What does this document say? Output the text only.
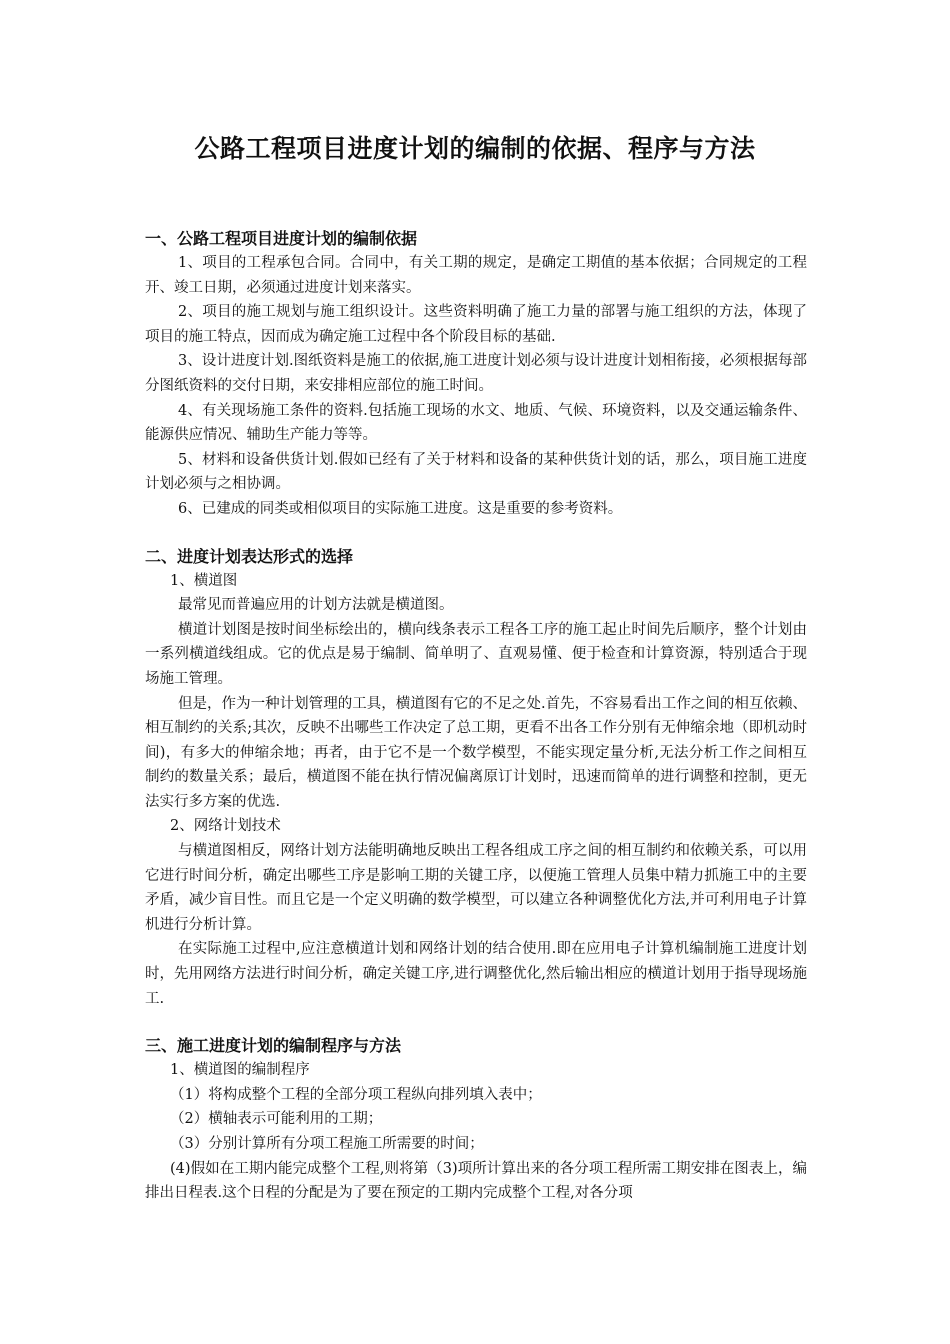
公路工程项目进度计划的编制的依据、程序与方法

一、公路工程项目进度计划的编制依据

1、项目的工程承包合同。合同中，有关工期的规定，是确定工期值的基本依据；合同规定的工程开、竣工日期，必须通过进度计划来落实。

2、项目的施工规划与施工组织设计。这些资料明确了施工力量的部署与施工组织的方法，体现了项目的施工特点，因而成为确定施工过程中各个阶段目标的基础.

3、设计进度计划.图纸资料是施工的依据,施工进度计划必须与设计进度计划相衔接，必须根据每部分图纸资料的交付日期，来安排相应部位的施工时间。

4、有关现场施工条件的资料.包括施工现场的水文、地质、气候、环境资料，以及交通运输条件、能源供应情况、辅助生产能力等等。

5、材料和设备供货计划.假如已经有了关于材料和设备的某种供货计划的话，那么，项目施工进度计划必须与之相协调。

6、已建成的同类或相似项目的实际施工进度。这是重要的参考资料。

二、进度计划表达形式的选择

1、横道图

最常见而普遍应用的计划方法就是横道图。

横道计划图是按时间坐标绘出的，横向线条表示工程各工序的施工起止时间先后顺序，整个计划由一系列横道线组成。它的优点是易于编制、简单明了、直观易懂、便于检查和计算资源，特别适合于现场施工管理。

但是，作为一种计划管理的工具，横道图有它的不足之处.首先，不容易看出工作之间的相互依赖、相互制约的关系;其次，反映不出哪些工作决定了总工期，更看不出各工作分别有无伸缩余地（即机动时间)，有多大的伸缩余地；再者，由于它不是一个数学模型，不能实现定量分析,无法分析工作之间相互制约的数量关系；最后，横道图不能在执行情况偏离原订计划时，迅速而简单的进行调整和控制，更无法实行多方案的优选.

2、网络计划技术

与横道图相反，网络计划方法能明确地反映出工程各组成工序之间的相互制约和依赖关系，可以用它进行时间分析，确定出哪些工序是影响工期的关键工序，以便施工管理人员集中精力抓施工中的主要矛盾，减少盲目性。而且它是一个定义明确的数学模型，可以建立各种调整优化方法,并可利用电子计算机进行分析计算。

在实际施工过程中,应注意横道计划和网络计划的结合使用.即在应用电子计算机编制施工进度计划时，先用网络方法进行时间分析，确定关键工序,进行调整优化,然后输出相应的横道计划用于指导现场施工.

三、施工进度计划的编制程序与方法

1、横道图的编制程序

（1）将构成整个工程的全部分项工程纵向排列填入表中；

（2）横轴表示可能利用的工期；

（3）分别计算所有分项工程施工所需要的时间；

(4)假如在工期内能完成整个工程,则将第（3)项所计算出来的各分项工程所需工期安排在图表上，编排出日程表.这个日程的分配是为了要在预定的工期内完成整个工程,对各分项
